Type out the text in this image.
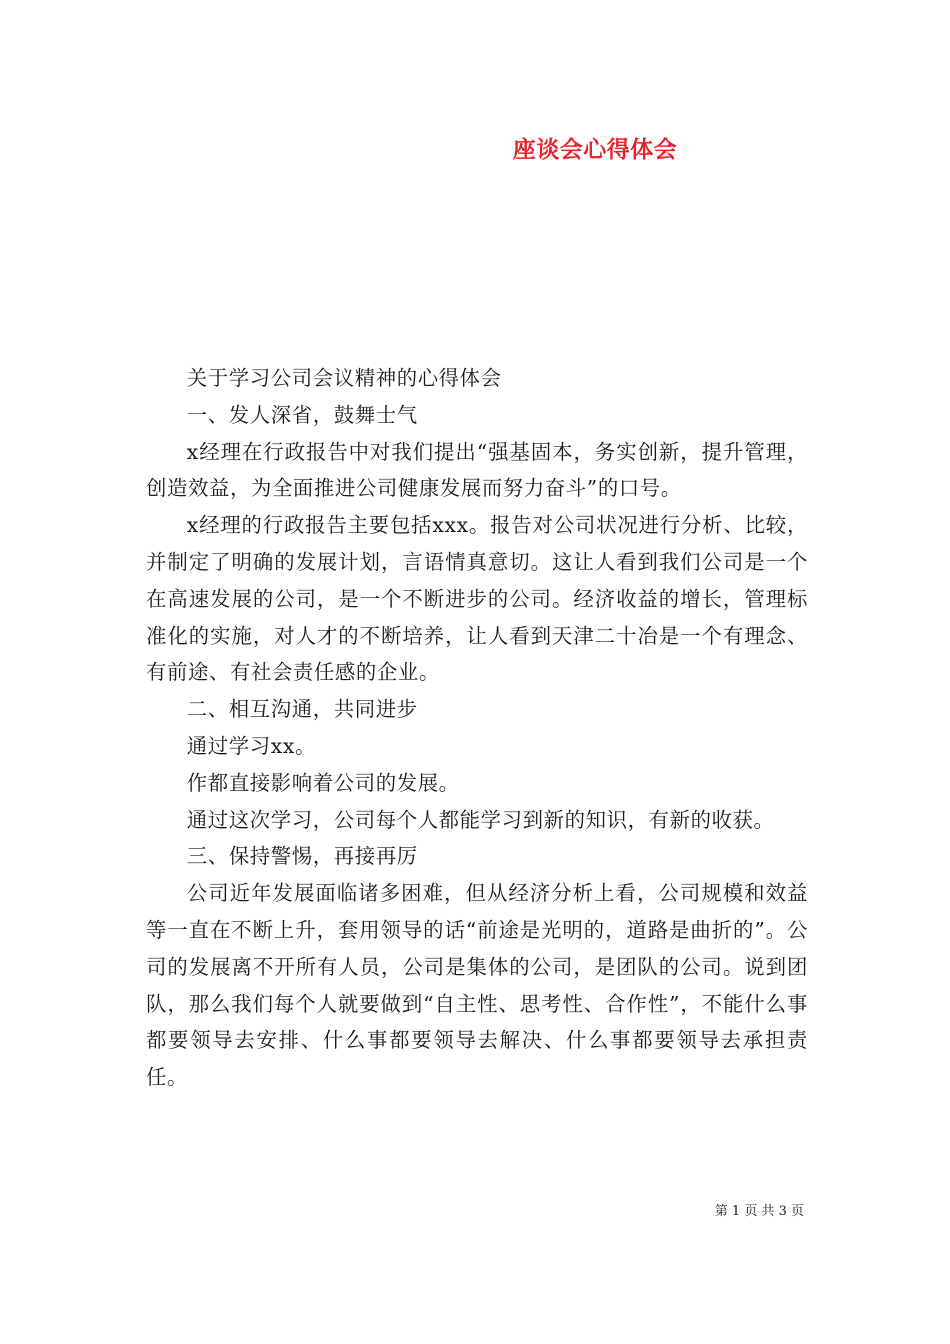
座谈会心得体会

关于学习公司会议精神的心得体会

一、发人深省，鼓舞士气

x经理在行政报告中对我们提出“强基固本，务实创新，提升管理，创造效益，为全面推进公司健康发展而努力奋斗”的口号。

x经理的行政报告主要包括xxx。报告对公司状况进行分析、比较，并制定了明确的发展计划，言语情真意切。这让人看到我们公司是一个在高速发展的公司，是一个不断进步的公司。经济收益的增长，管理标准化的实施，对人才的不断培养，让人看到天津二十冶是一个有理念、有前途、有社会责任感的企业。

二、相互沟通，共同进步

通过学习xx。

作都直接影响着公司的发展。

通过这次学习，公司每个人都能学习到新的知识，有新的收获。

三、保持警惕，再接再厉

公司近年发展面临诸多困难，但从经济分析上看，公司规模和效益等一直在不断上升，套用领导的话“前途是光明的，道路是曲折的”。公司的发展离不开所有人员，公司是集体的公司，是团队的公司。说到团队，那么我们每个人就要做到“自主性、思考性、合作性”，不能什么事都要领导去安排、什么事都要领导去解决、什么事都要领导去承担责任。

第 1 页 共 3 页
